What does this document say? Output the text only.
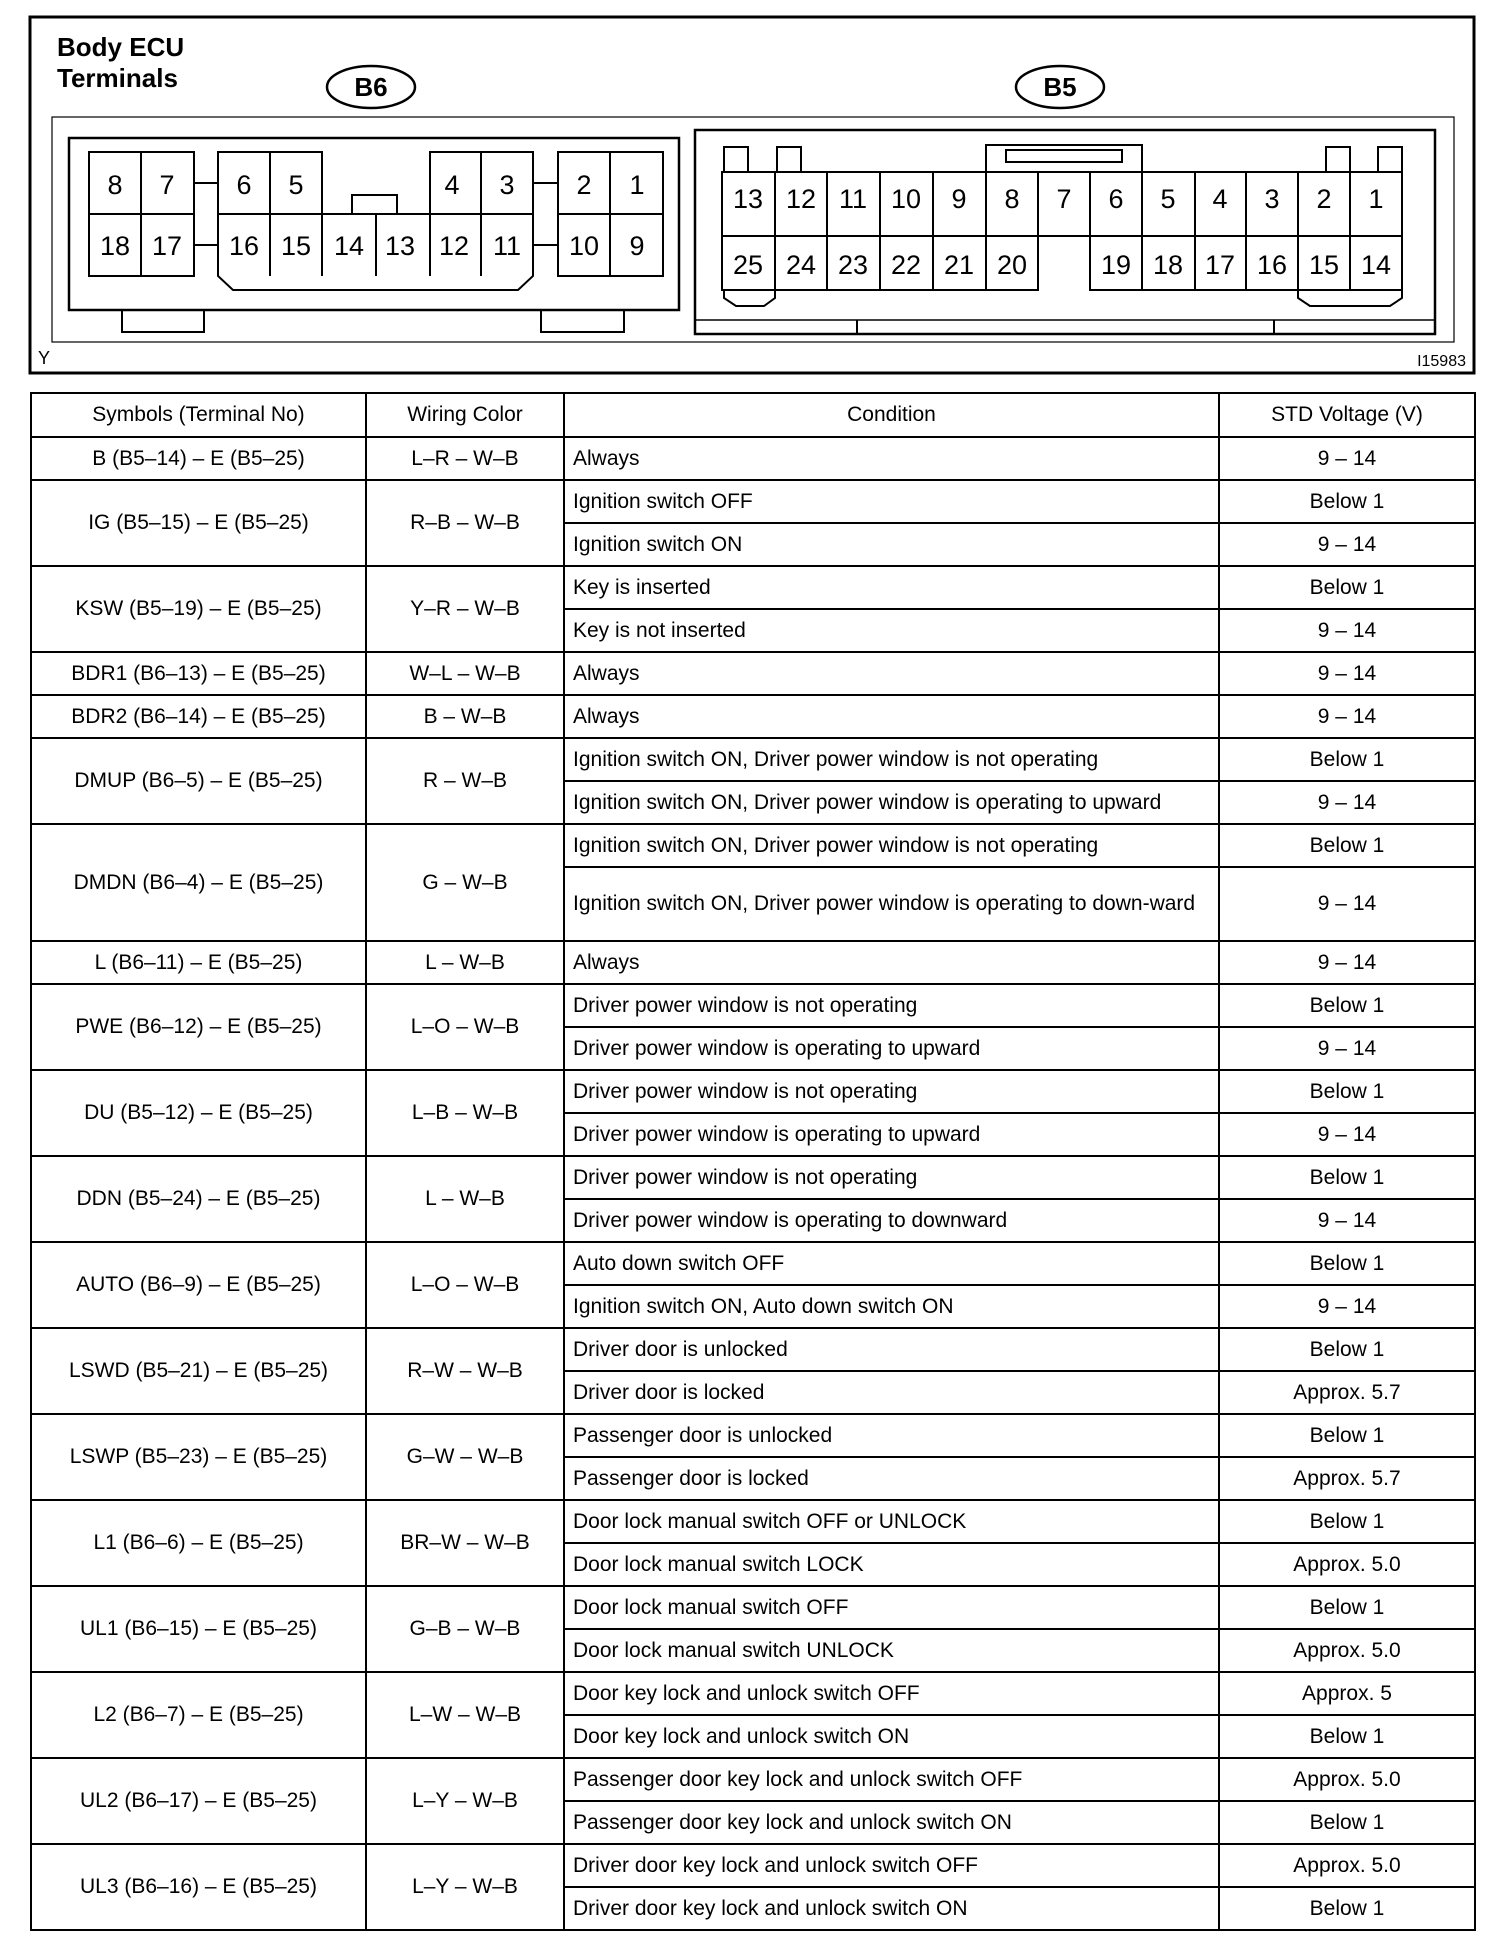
Body ECU
Terminals	B6	B5
8 7 6 5	4 3 2 1
18 17 16 15 14 13 12 11 10 9
13 12 11 10 9 8 7 6 5 4 3 2 1
25 24 23 22 21 20	19 18 17 16 15 14
Y	I15983
Symbols (Terminal No)	Wiring Color	Condition	STD Voltage (V)
B (B5–14) – E (B5–25)	L–R – W–B	Always	9 – 14
IG (B5–15) – E (B5–25)	R–B – W–B	Ignition switch OFF	Below 1
		Ignition switch ON	9 – 14
KSW (B5–19) – E (B5–25)	Y–R – W–B	Key is inserted	Below 1
		Key is not inserted	9 – 14
BDR1 (B6–13) – E (B5–25)	W–L – W–B	Always	9 – 14
BDR2 (B6–14) – E (B5–25)	B – W–B	Always	9 – 14
DMUP (B6–5) – E (B5–25)	R – W–B	Ignition switch ON, Driver power window is not operating	Below 1
		Ignition switch ON, Driver power window is operating to upward	9 – 14
DMDN (B6–4) – E (B5–25)	G – W–B	Ignition switch ON, Driver power window is not operating	Below 1
		Ignition switch ON, Driver power window is operating to down-ward	9 – 14
L (B6–11) – E (B5–25)	L – W–B	Always	9 – 14
PWE (B6–12) – E (B5–25)	L–O – W–B	Driver power window is not operating	Below 1
		Driver power window is operating to upward	9 – 14
DU (B5–12) – E (B5–25)	L–B – W–B	Driver power window is not operating	Below 1
		Driver power window is operating to upward	9 – 14
DDN (B5–24) – E (B5–25)	L – W–B	Driver power window is not operating	Below 1
		Driver power window is operating to downward	9 – 14
AUTO (B6–9) – E (B5–25)	L–O – W–B	Auto down switch OFF	Below 1
		Ignition switch ON, Auto down switch ON	9 – 14
LSWD (B5–21) – E (B5–25)	R–W – W–B	Driver door is unlocked	Below 1
		Driver door is locked	Approx. 5.7
LSWP (B5–23) – E (B5–25)	G–W – W–B	Passenger door is unlocked	Below 1
		Passenger door is locked	Approx. 5.7
L1 (B6–6) – E (B5–25)	BR–W – W–B	Door lock manual switch OFF or UNLOCK	Below 1
		Door lock manual switch LOCK	Approx. 5.0
UL1 (B6–15) – E (B5–25)	G–B – W–B	Door lock manual switch OFF	Below 1
		Door lock manual switch UNLOCK	Approx. 5.0
L2 (B6–7) – E (B5–25)	L–W – W–B	Door key lock and unlock switch OFF	Approx. 5
		Door key lock and unlock switch ON	Below 1
UL2 (B6–17) – E (B5–25)	L–Y – W–B	Passenger door key lock and unlock switch OFF	Approx. 5.0
		Passenger door key lock and unlock switch ON	Below 1
UL3 (B6–16) – E (B5–25)	L–Y – W–B	Driver door key lock and unlock switch OFF	Approx. 5.0
		Driver door key lock and unlock switch ON	Below 1
